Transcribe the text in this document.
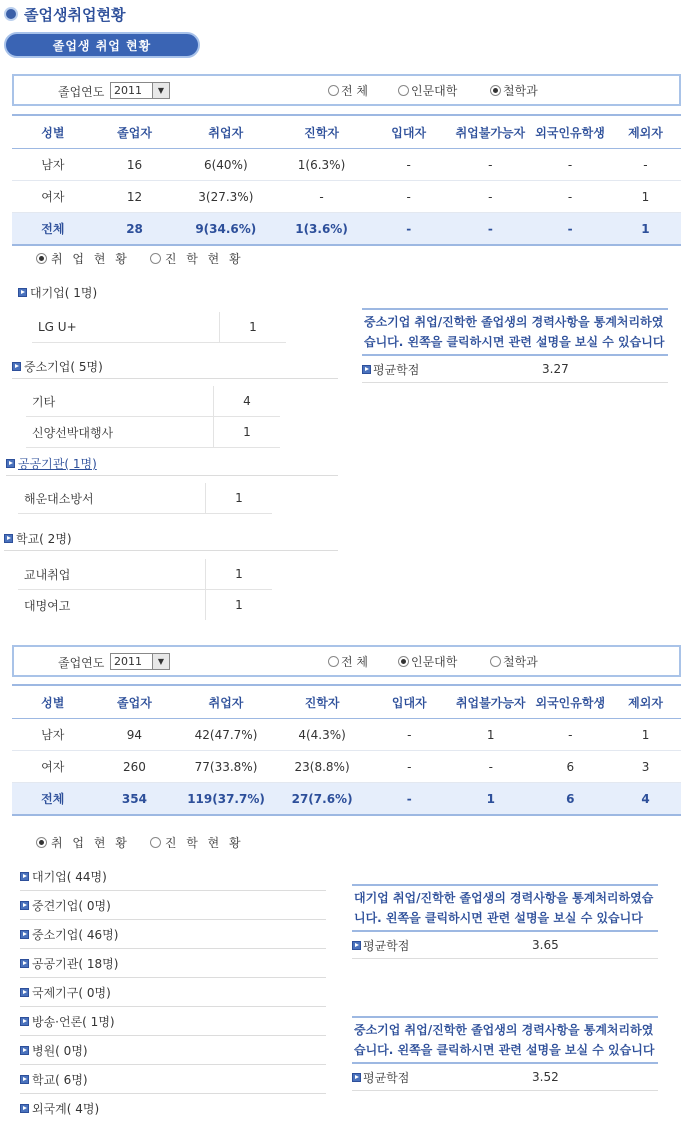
졸업생취업현황
졸업생 취업 현황
졸업연도 2011	▼	전 체	인문대학	철학과
성별	졸업자	취업자	진학자	입대자	취업불가능자	외국인유학생	제외자
남자	16	6(40%)	1(6.3%)	-	-	-	-
여자	12	3(27.3%)	-	-	-	-	1
전체	28	9(34.6%)	1(3.6%)	-	-	-	1
취 업 현 황	진 학 현 황
대기업( 1명)
LG U+	1
중소기업( 5명)
기타	4
신양선박대행사	1
공공기관( 1명)
해운대소방서	1
학교( 2명)
교내취업	1
대명여고	1
중소기업 취업/진학한 졸업생의 경력사항을 통계처리하였습니다. 왼쪽을 클릭하시면 관련 설명을 보실 수 있습니다
평균학점	3.27
졸업연도 2011	▼	전 체	인문대학	철학과
성별	졸업자	취업자	진학자	입대자	취업불가능자	외국인유학생	제외자
남자	94	42(47.7%)	4(4.3%)	-	1	-	1
여자	260	77(33.8%)	23(8.8%)	-	-	6	3
전체	354	119(37.7%)	27(7.6%)	-	1	6	4
취 업 현 황	진 학 현 황
대기업( 44명)
중견기업( 0명)
중소기업( 46명)
공공기관( 18명)
국제기구( 0명)
방송·언론( 1명)
병원( 0명)
학교( 6명)
외국계( 4명)
대기업 취업/진학한 졸업생의 경력사항을 통계처리하였습니다. 왼쪽을 클릭하시면 관련 설명을 보실 수 있습니다
평균학점	3.65
중소기업 취업/진학한 졸업생의 경력사항을 통계처리하였습니다. 왼쪽을 클릭하시면 관련 설명을 보실 수 있습니다
평균학점	3.52
